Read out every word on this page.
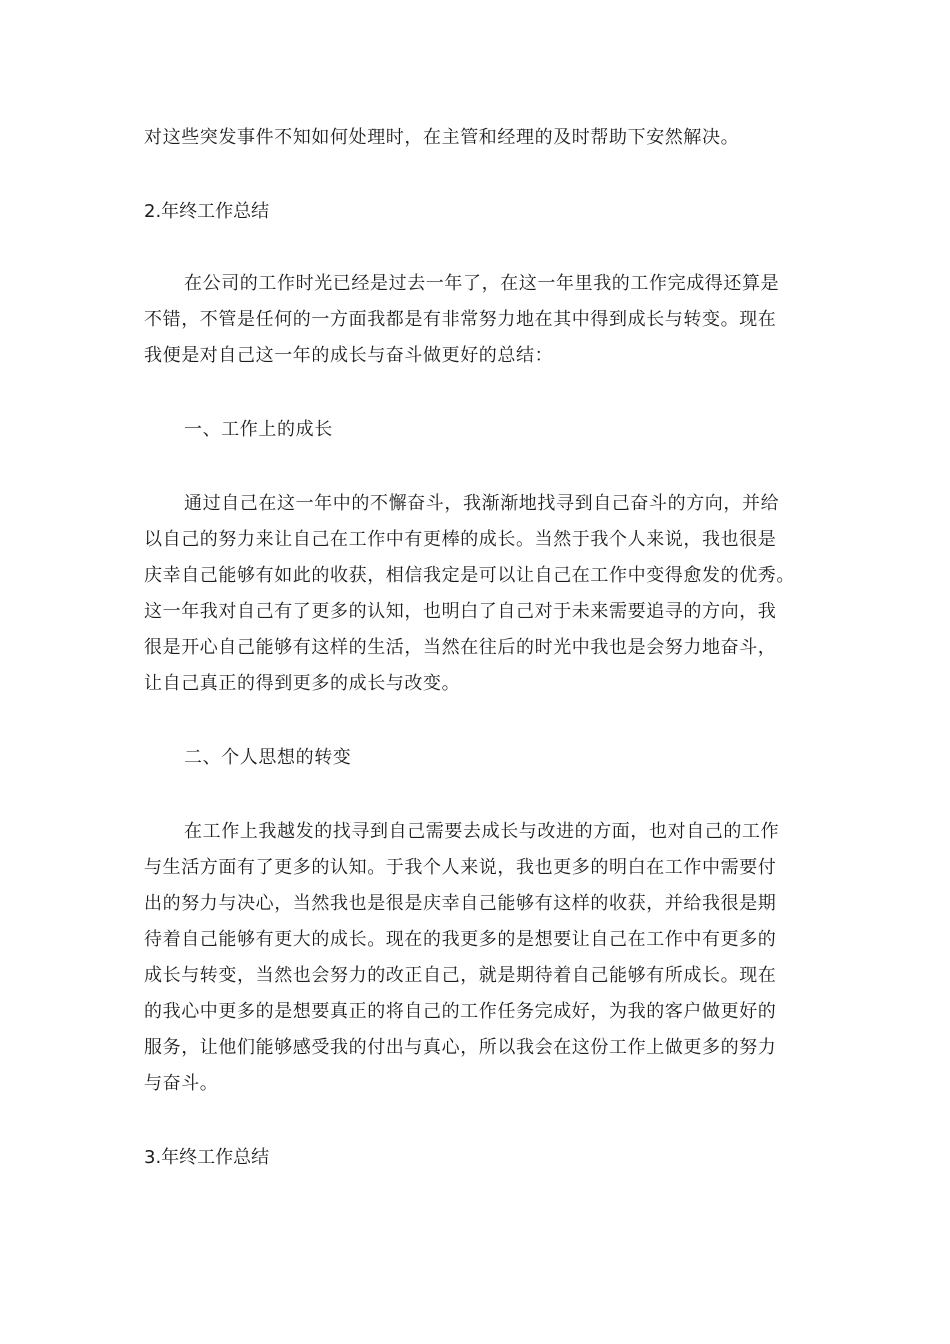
对这些突发事件不知如何处理时，在主管和经理的及时帮助下安然解决。
2.年终工作总结
在公司的工作时光已经是过去一年了，在这一年里我的工作完成得还算是
不错，不管是任何的一方面我都是有非常努力地在其中得到成长与转变。现在
我便是对自己这一年的成长与奋斗做更好的总结：
一、工作上的成长
通过自己在这一年中的不懈奋斗，我渐渐地找寻到自己奋斗的方向，并给
以自己的努力来让自己在工作中有更棒的成长。当然于我个人来说，我也很是
庆幸自己能够有如此的收获，相信我定是可以让自己在工作中变得愈发的优秀。
这一年我对自己有了更多的认知，也明白了自己对于未来需要追寻的方向，我
很是开心自己能够有这样的生活，当然在往后的时光中我也是会努力地奋斗，
让自己真正的得到更多的成长与改变。
二、个人思想的转变
在工作上我越发的找寻到自己需要去成长与改进的方面，也对自己的工作
与生活方面有了更多的认知。于我个人来说，我也更多的明白在工作中需要付
出的努力与决心，当然我也是很是庆幸自己能够有这样的收获，并给我很是期
待着自己能够有更大的成长。现在的我更多的是想要让自己在工作中有更多的
成长与转变，当然也会努力的改正自己，就是期待着自己能够有所成长。现在
的我心中更多的是想要真正的将自己的工作任务完成好，为我的客户做更好的
服务，让他们能够感受我的付出与真心，所以我会在这份工作上做更多的努力
与奋斗。
3.年终工作总结
